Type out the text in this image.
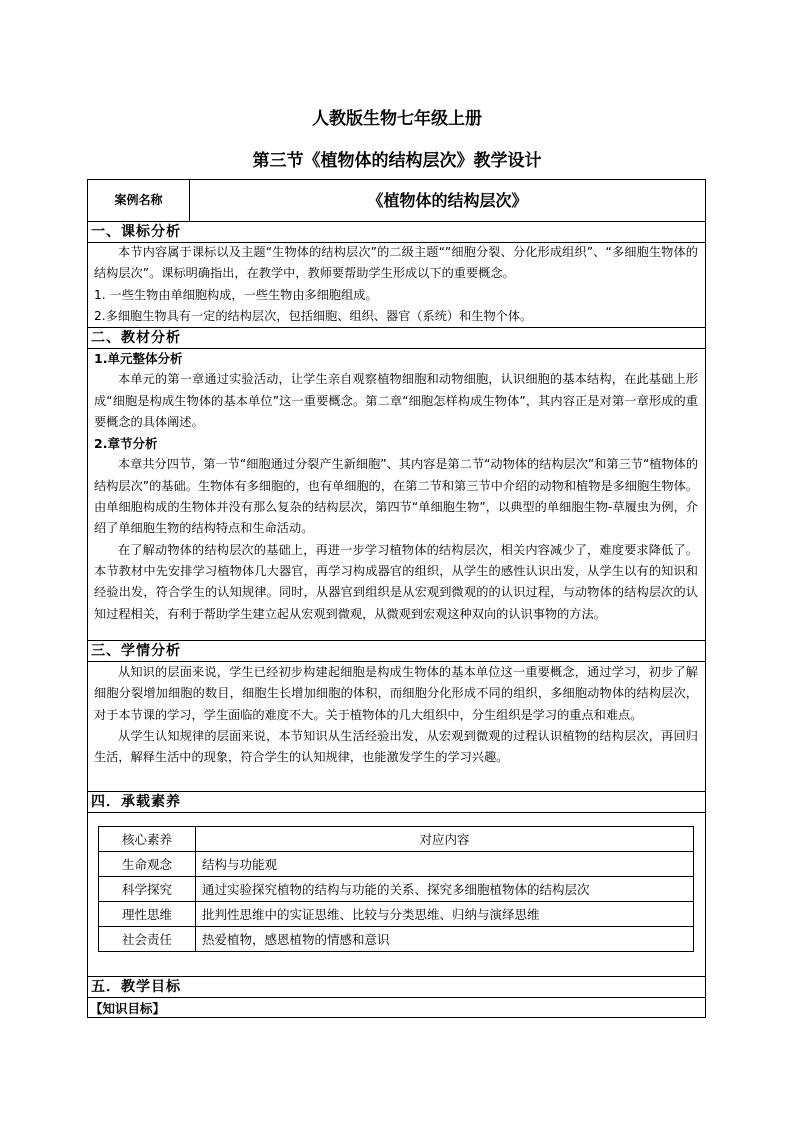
人教版生物七年级上册
第三节《植物体的结构层次》教学设计
案例名称	《植物体的结构层次》
一、课标分析

本节内容属于课标以及主题“生物体的结构层次”的二级主题“”细胞分裂、分化形成组织”、“多细胞生物体的结构层次”。课标明确指出，在教学中，教师要帮助学生形成以下的重要概念。

1. 一些生物由单细胞构成，一些生物由多细胞组成。

2.多细胞生物具有一定的结构层次，包括细胞、组织、器官（系统）和生物个体。

二、教材分析

1.单元整体分析

本单元的第一章通过实验活动，让学生亲自观察植物细胞和动物细胞，认识细胞的基本结构，在此基础上形成“细胞是构成生物体的基本单位”这一重要概念。第二章“细胞怎样构成生物体”，其内容正是对第一章形成的重要概念的具体阐述。

2.章节分析

本章共分四节，第一节“细胞通过分裂产生新细胞”、其内容是第二节“动物体的结构层次”和第三节“植物体的结构层次”的基础。生物体有多细胞的，也有单细胞的，在第二节和第三节中介绍的动物和植物是多细胞生物体。由单细胞构成的生物体并没有那么复杂的结构层次，第四节“单细胞生物”，以典型的单细胞生物-草履虫为例，介绍了单细胞生物的结构特点和生命活动。

在了解动物体的结构层次的基础上，再进一步学习植物体的结构层次，相关内容减少了，难度要求降低了。本节教材中先安排学习植物体几大器官，再学习构成器官的组织，从学生的感性认识出发，从学生以有的知识和经验出发，符合学生的认知规律。同时，从器官到组织是从宏观到微观的的认识过程，与动物体的结构层次的认知过程相关，有利于帮助学生建立起从宏观到微观，从微观到宏观这种双向的认识事物的方法。

三、学情分析

从知识的层面来说，学生已经初步构建起细胞是构成生物体的基本单位这一重要概念，通过学习，初步了解细胞分裂增加细胞的数目，细胞生长增加细胞的体积，而细胞分化形成不同的组织，多细胞动物体的结构层次，对于本节课的学习，学生面临的难度不大。关于植物体的几大组织中，分生组织是学习的重点和难点。

从学生认知规律的层面来说，本节知识从生活经验出发，从宏观到微观的过程认识植物的结构层次，再回归生活，解释生活中的现象，符合学生的认知规律，也能激发学生的学习兴趣。

四．承载素养
核心素养	对应内容
生命观念	结构与功能观
科学探究	通过实验探究植物的结构与功能的关系、探究多细胞植物体的结构层次
理性思维	批判性思维中的实证思维、比较与分类思维、归纳与演绎思维
社会责任	热爱植物，感恩植物的情感和意识
五．教学目标
【知识目标】
